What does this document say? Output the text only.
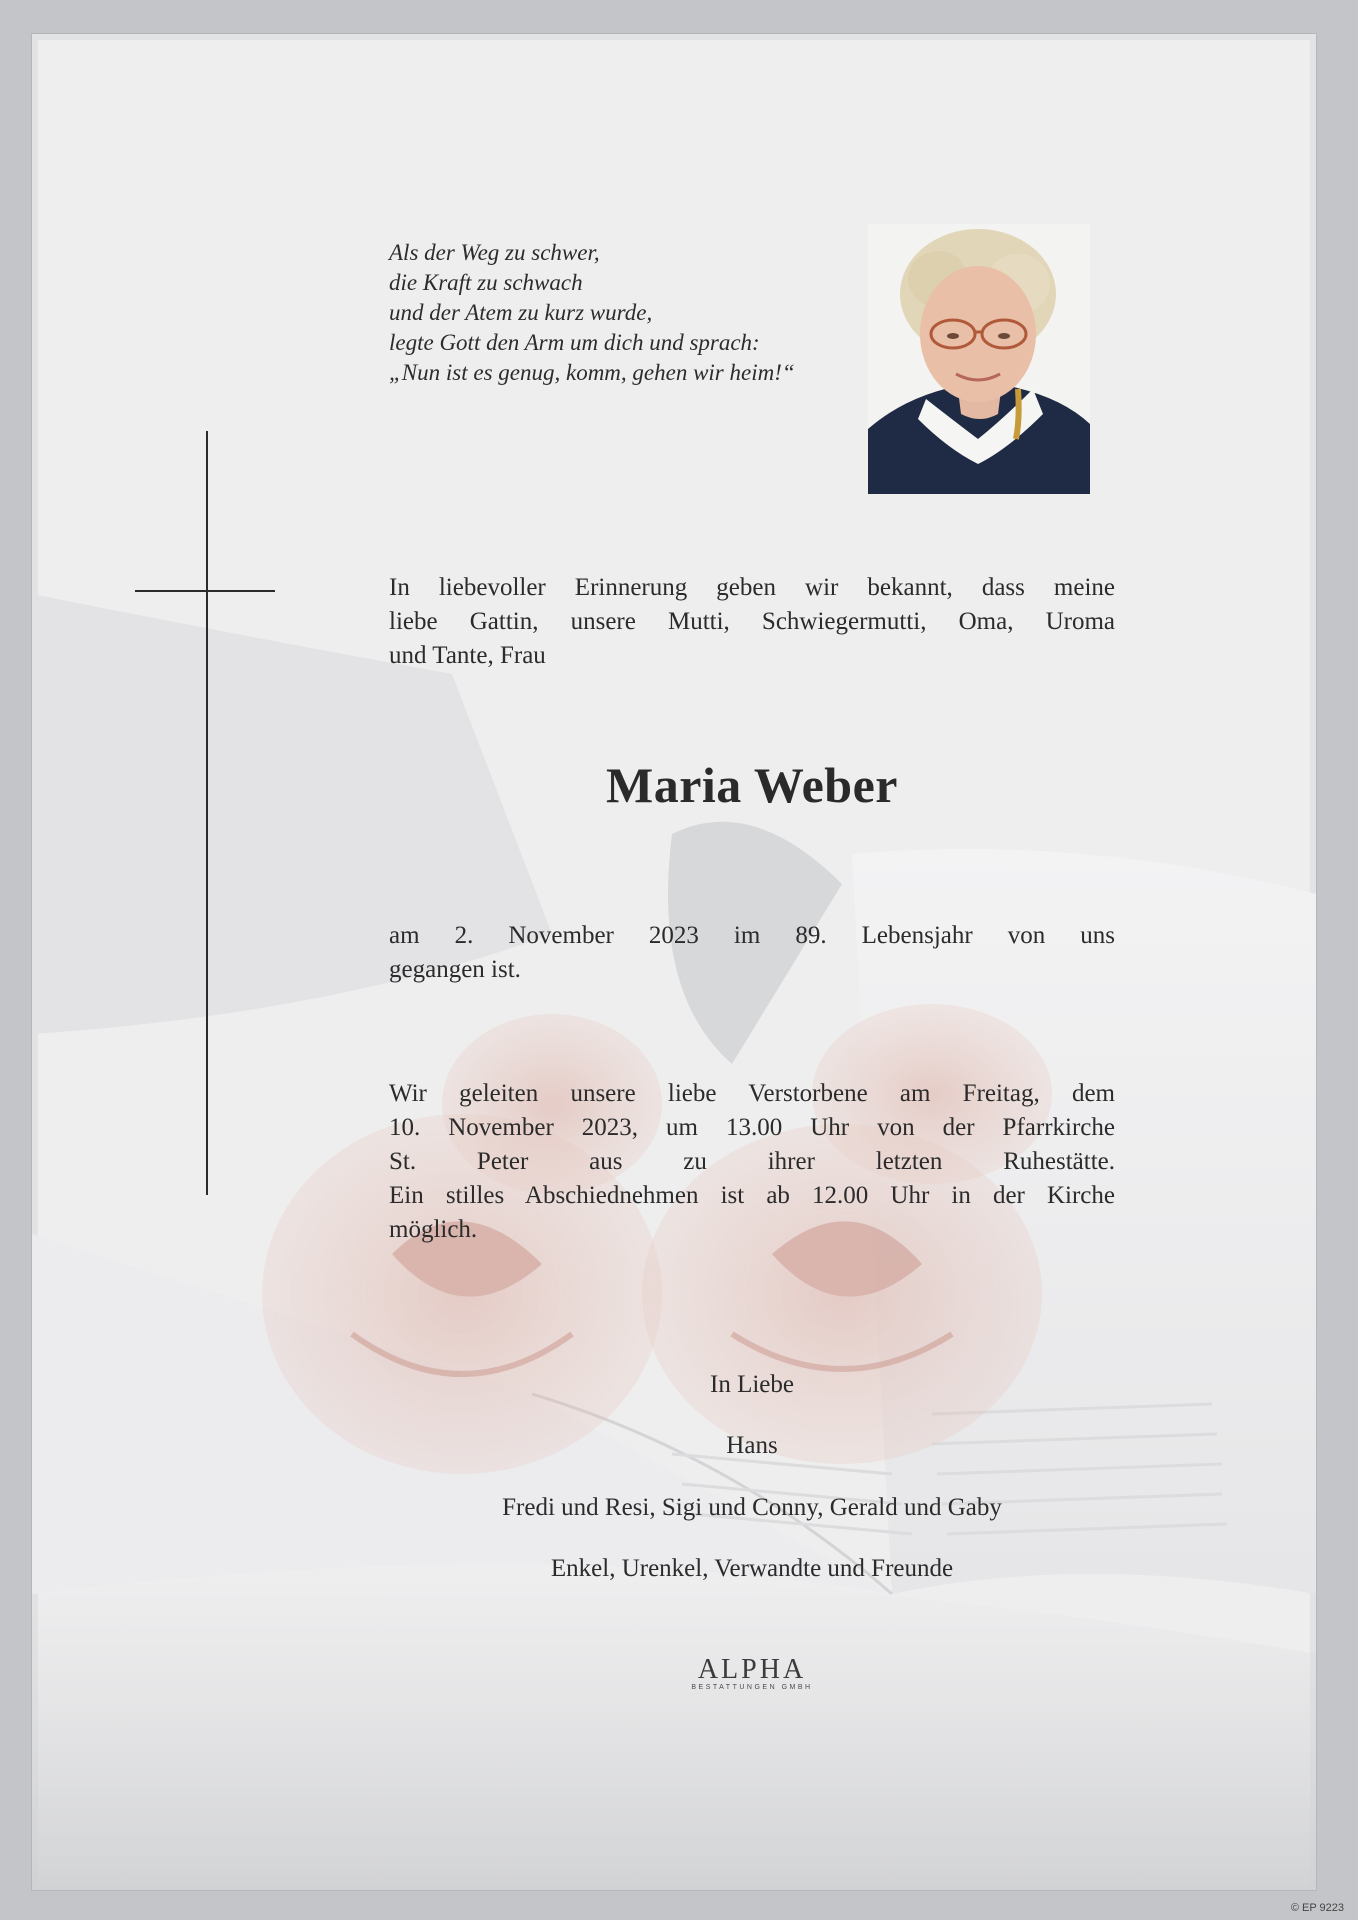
Als der Weg zu schwer,
die Kraft zu schwach
und der Atem zu kurz wurde,
legte Gott den Arm um dich und sprach:
„Nun ist es genug, komm, gehen wir heim!“
In liebevoller Erinnerung geben wir bekannt, dass meine
liebe Gattin, unsere Mutti, Schwiegermutti, Oma, Uroma
und Tante, Frau
Maria Weber
am 2. November 2023 im 89. Lebensjahr von uns
gegangen ist.
Wir geleiten unsere liebe Verstorbene am Freitag, dem
10. November 2023, um 13.00 Uhr von der Pfarrkirche
St. Peter aus zu ihrer letzten Ruhestätte.
Ein stilles Abschiednehmen ist ab 12.00 Uhr in der Kirche
möglich.
In Liebe
Hans
Fredi und Resi, Sigi und Conny, Gerald und Gaby
Enkel, Urenkel, Verwandte und Freunde
ALPHA
BESTATTUNGEN GMBH
© EP 9223
